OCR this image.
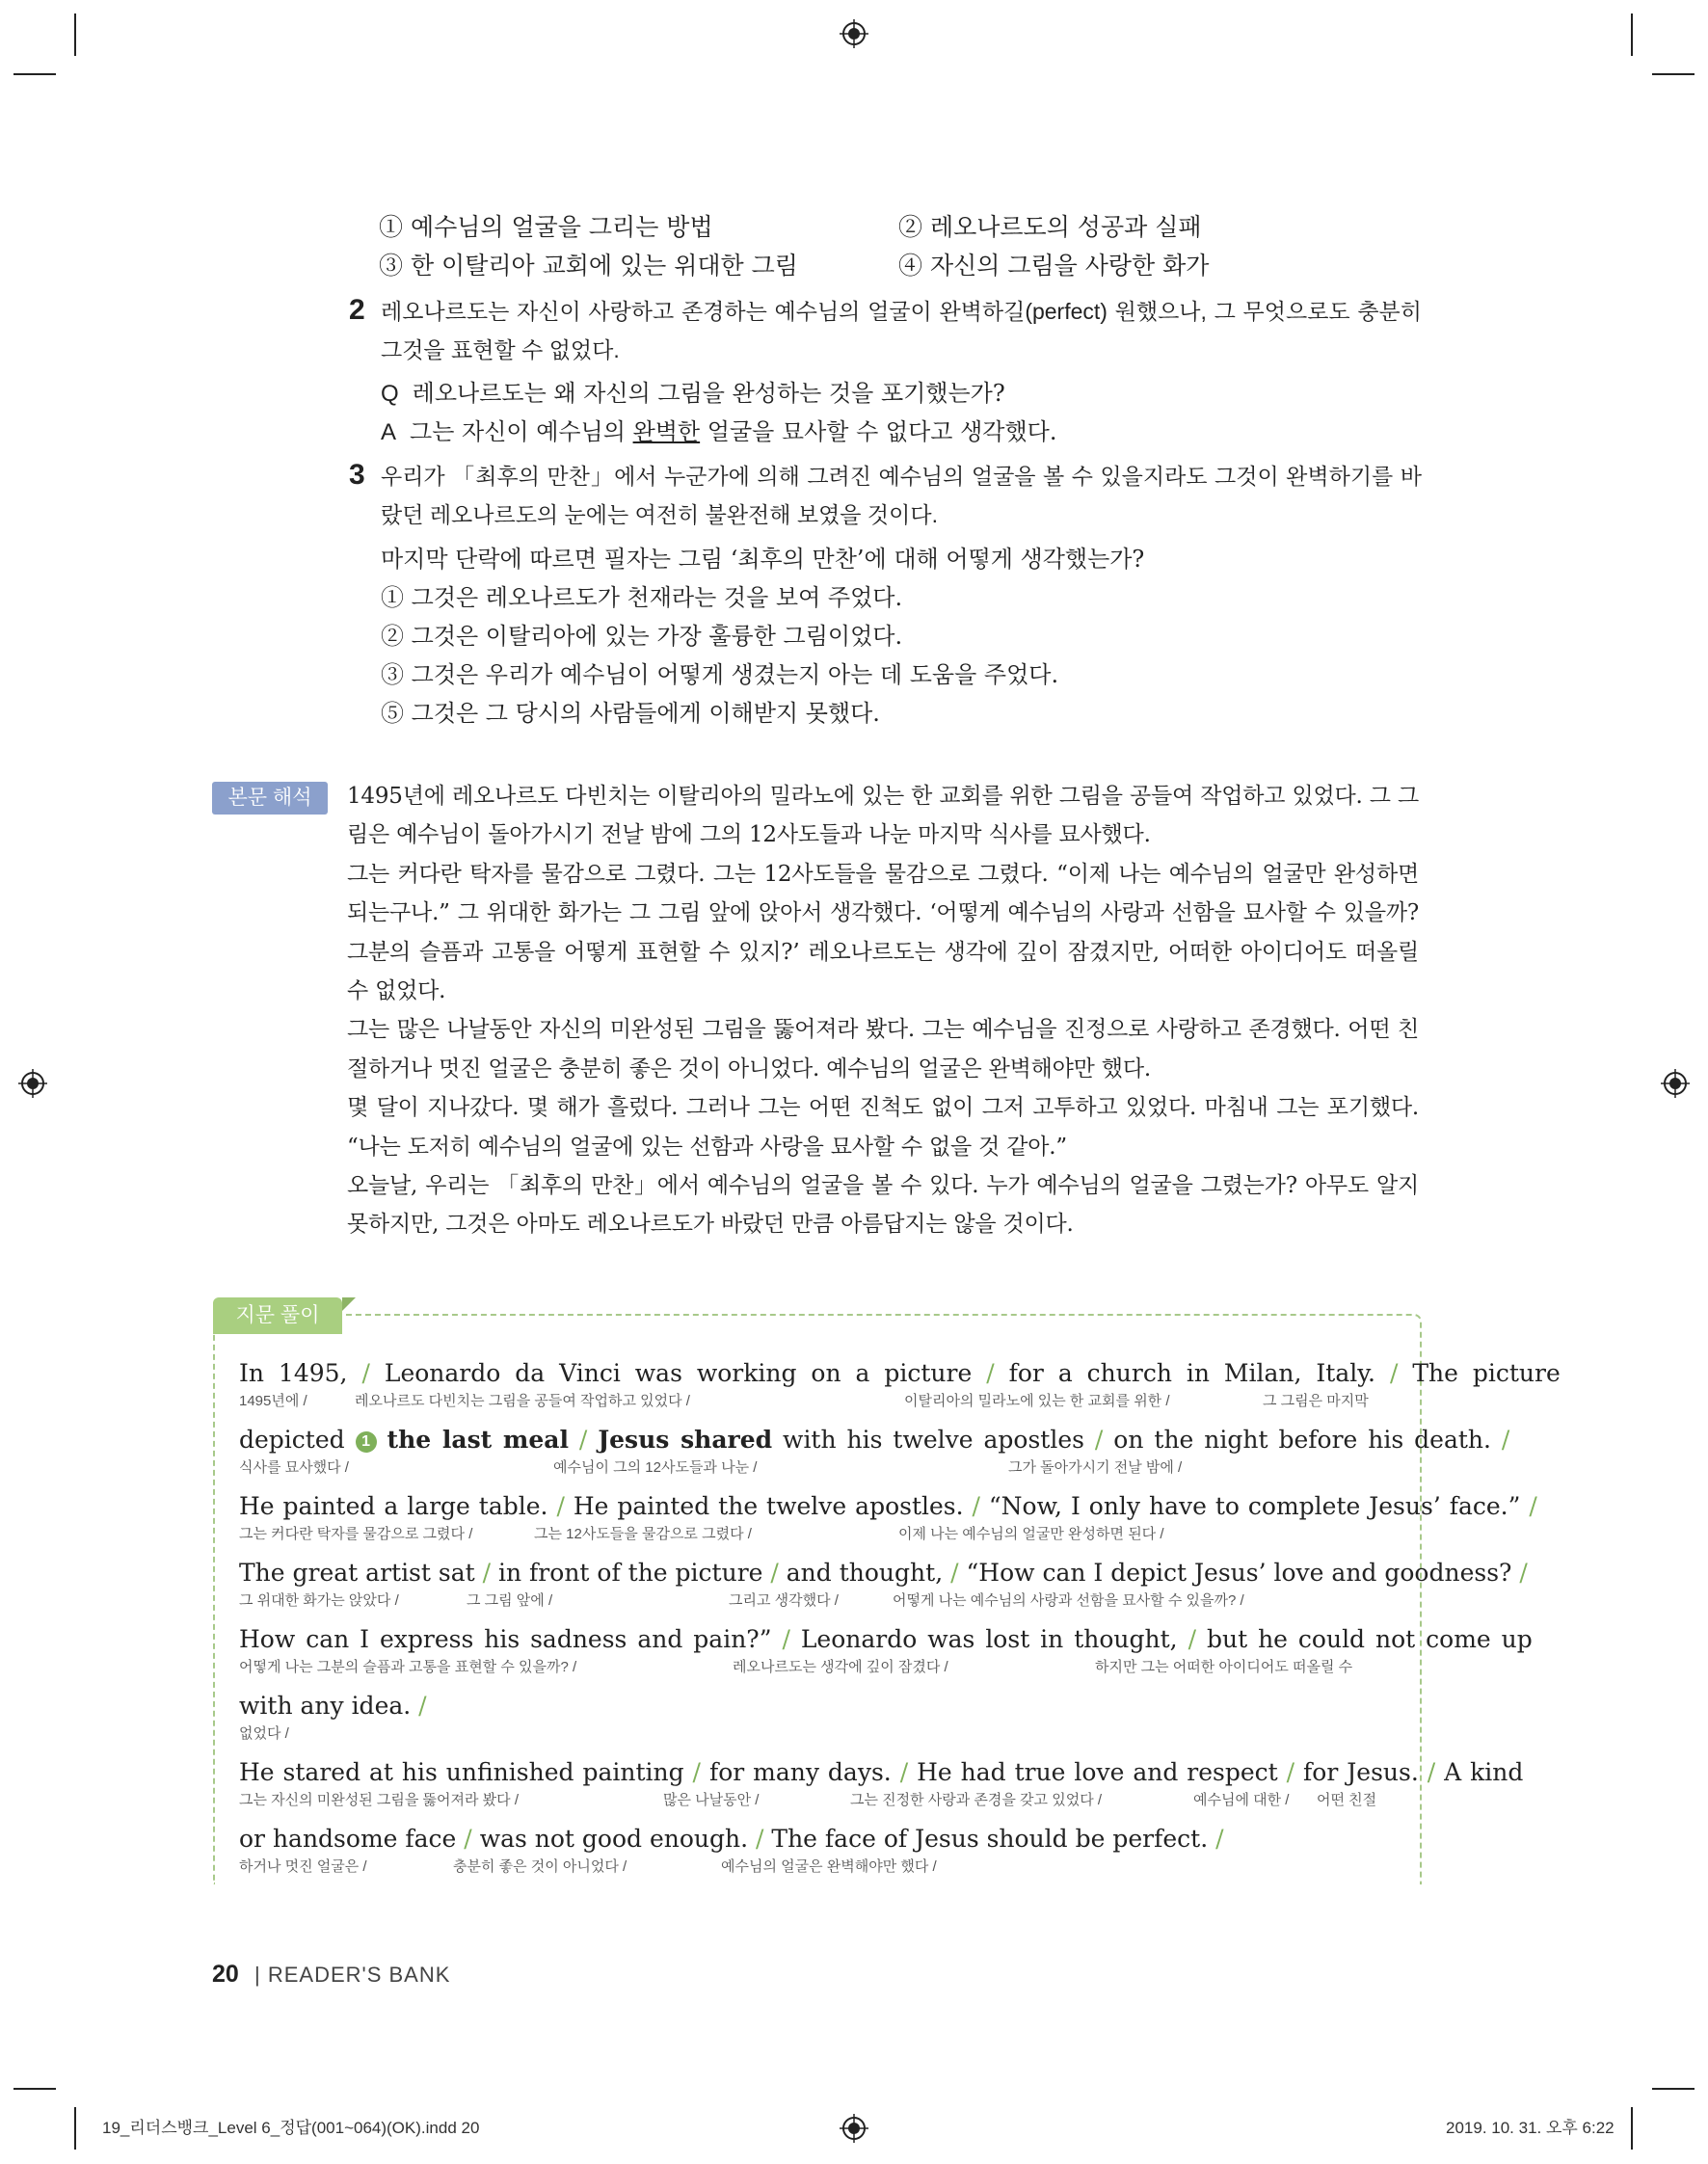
① 예수님의 얼굴을 그리는 방법	② 레오나르도의 성공과 실패
③ 한 이탈리아 교회에 있는 위대한 그림	④ 자신의 그림을 사랑한 화가
2 레오나르도는 자신이 사랑하고 존경하는 예수님의 얼굴이 완벽하길(perfect) 원했으나, 그 무엇으로도 충분히 그것을 표현할 수 없었다.
Q 레오나르도는 왜 자신의 그림을 완성하는 것을 포기했는가?
A 그는 자신이 예수님의 완벽한 얼굴을 묘사할 수 없다고 생각했다.
3 우리가 「최후의 만찬」에서 누군가에 의해 그려진 예수님의 얼굴을 볼 수 있을지라도 그것이 완벽하기를 바랐던 레오나르도의 눈에는 여전히 불완전해 보였을 것이다.
마지막 단락에 따르면 필자는 그림 ‘최후의 만찬’에 대해 어떻게 생각했는가?
① 그것은 레오나르도가 천재라는 것을 보여 주었다.
② 그것은 이탈리아에 있는 가장 훌륭한 그림이었다.
③ 그것은 우리가 예수님이 어떻게 생겼는지 아는 데 도움을 주었다.
⑤ 그것은 그 당시의 사람들에게 이해받지 못했다.
본문 해석	1495년에 레오나르도 다빈치는 이탈리아의 밀라노에 있는 한 교회를 위한 그림을 공들여 작업하고 있었다. 그 그림은 예수님이 돌아가시기 전날 밤에 그의 12사도들과 나눈 마지막 식사를 묘사했다.
그는 커다란 탁자를 물감으로 그렸다. 그는 12사도들을 물감으로 그렸다. “이제 나는 예수님의 얼굴만 완성하면 되는구나.” 그 위대한 화가는 그 그림 앞에 앉아서 생각했다. ‘어떻게 예수님의 사랑과 선함을 묘사할 수 있을까? 그분의 슬픔과 고통을 어떻게 표현할 수 있지?’ 레오나르도는 생각에 깊이 잠겼지만, 어떠한 아이디어도 떠올릴 수 없었다.
그는 많은 나날동안 자신의 미완성된 그림을 뚫어져라 봤다. 그는 예수님을 진정으로 사랑하고 존경했다. 어떤 친절하거나 멋진 얼굴은 충분히 좋은 것이 아니었다. 예수님의 얼굴은 완벽해야만 했다.
몇 달이 지나갔다. 몇 해가 흘렀다. 그러나 그는 어떤 진척도 없이 그저 고투하고 있었다. 마침내 그는 포기했다. “나는 도저히 예수님의 얼굴에 있는 선함과 사랑을 묘사할 수 없을 것 같아.”
오늘날, 우리는 「최후의 만찬」에서 예수님의 얼굴을 볼 수 있다. 누가 예수님의 얼굴을 그렸는가? 아무도 알지 못하지만, 그것은 아마도 레오나르도가 바랐던 만큼 아름답지는 않을 것이다.
지문 풀이
In 1495, / Leonardo da Vinci was working on a picture / for a church in Milan, Italy. / The picture
1495년에 /	레오나르도 다빈치는 그림을 공들여 작업하고 있었다 /	이탈리아의 밀라노에 있는 한 교회를 위한 /	그 그림은 마지막
depicted 1 the last meal / Jesus shared with his twelve apostles / on the night before his death. /
식사를 묘사했다 /	예수님이 그의 12사도들과 나눈 /	그가 돌아가시기 전날 밤에 /
He painted a large table. / He painted the twelve apostles. / “Now, I only have to complete Jesus’ face.” /
그는 커다란 탁자를 물감으로 그렸다 /	그는 12사도들을 물감으로 그렸다 /	이제 나는 예수님의 얼굴만 완성하면 된다 /
The great artist sat / in front of the picture / and thought, / “How can I depict Jesus’ love and goodness? /
그 위대한 화가는 앉았다 /	그 그림 앞에 /	그리고 생각했다 /	어떻게 나는 예수님의 사랑과 선함을 묘사할 수 있을까? /
How can I express his sadness and pain?” / Leonardo was lost in thought, / but he could not come up
어떻게 나는 그분의 슬픔과 고통을 표현할 수 있을까? /	레오나르도는 생각에 깊이 잠겼다 /	하지만 그는 어떠한 아이디어도 떠올릴 수
with any idea. /
없었다 /
He stared at his unfinished painting / for many days. / He had true love and respect / for Jesus. / A kind
그는 자신의 미완성된 그림을 뚫어져라 봤다 /	많은 나날동안 /	그는 진정한 사랑과 존경을 갖고 있었다 /	예수님에 대한 / 어떤 친절
or handsome face / was not good enough. / The face of Jesus should be perfect. /
하거나 멋진 얼굴은 /	충분히 좋은 것이 아니었다 /	예수님의 얼굴은 완벽해야만 했다 /
20 | READER'S BANK
19_리더스뱅크_Level 6_정답(001~064)(OK).indd 20	2019. 10. 31. 오후 6:22
